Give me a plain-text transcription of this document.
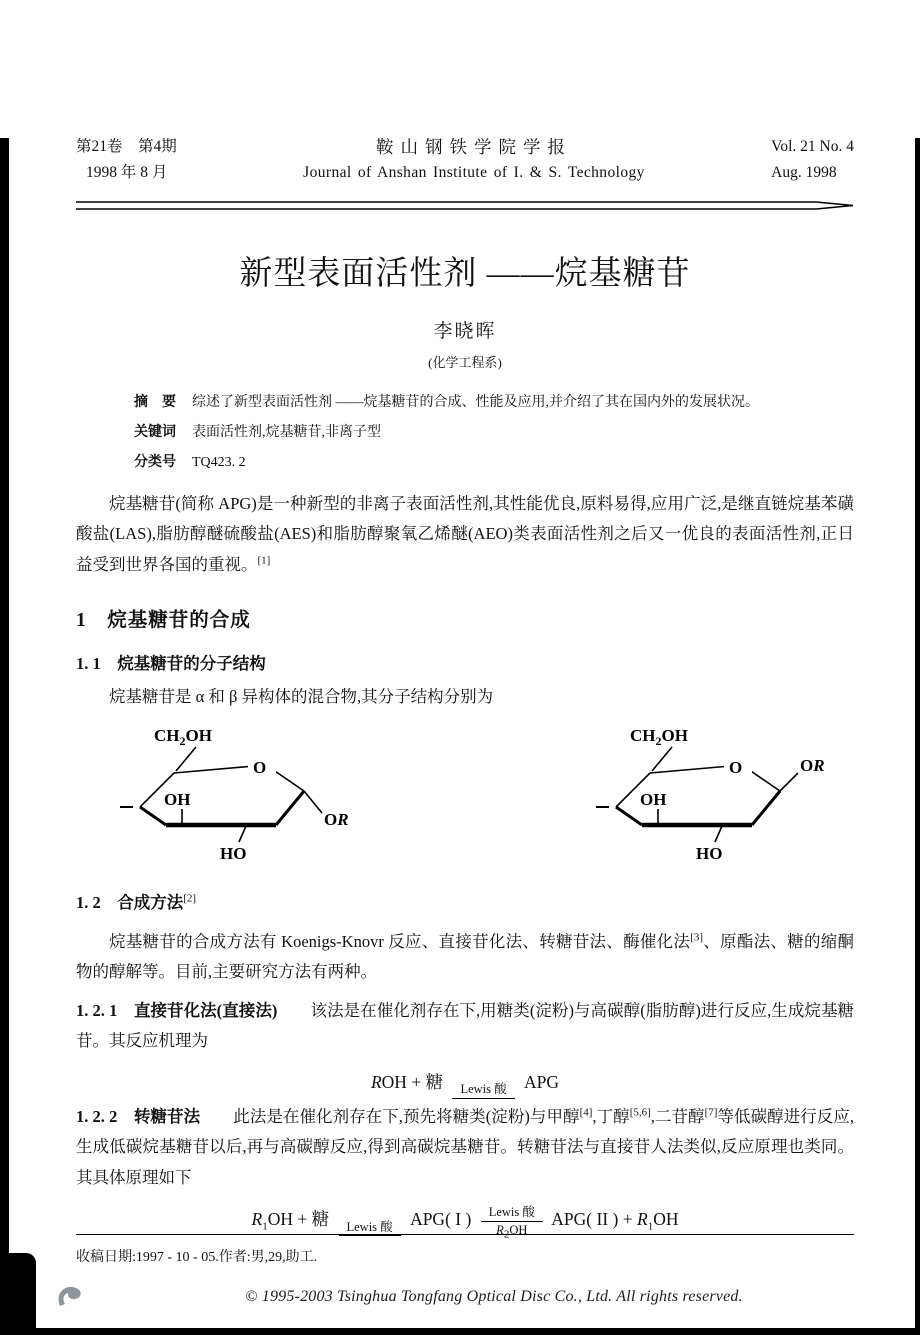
第21卷　第4期
1998 年 8 月
鞍山钢铁学院学报
Journal of Anshan Institute of I. & S. Technology
Vol. 21 No. 4
Aug. 1998
新型表面活性剂 ——烷基糖苷
李晓晖
(化学工程系)
摘　要 综述了新型表面活性剂 ——烷基糖苷的合成、性能及应用,并介绍了其在国内外的发展状况。
关键词 表面活性剂,烷基糖苷,非离子型
分类号 TQ423. 2

烷基糖苷(简称 APG)是一种新型的非离子表面活性剂,其性能优良,原料易得,应用广泛,是继直链烷基苯磺酸盐(LAS),脂肪醇醚硫酸盐(AES)和脂肪醇聚氧乙烯醚(AEO)类表面活性剂之后又一优良的表面活性剂,正日益受到世界各国的重视。[1]

1　烷基糖苷的合成
1. 1　烷基糖苷的分子结构

烷基糖苷是 α 和 β 异构体的混合物,其分子结构分别为

$CH_2OH$
O
OH
HO
OR
$CH_2OH$
O
OH
HO
OR
1. 2　合成方法[2]

烷基糖苷的合成方法有 Koenigs-Knovr 反应、直接苷化法、转糖苷法、酶催化法[3]、原酯法、糖的缩酮物的醇解等。目前,主要研究方法有两种。

1. 2. 1　直接苷化法(直接法)　　该法是在催化剂存在下,用糖类(淀粉)与高碳醇(脂肪醇)进行反应,生成烷基糖苷。其反应机理为

ROH + 糖	Lewis 酸 APG

1. 2. 2　转糖苷法　　此法是在催化剂存在下,预先将糖类(淀粉)与甲醇[4],丁醇[5,6],二苷醇[7]等低碳醇进行反应,生成低碳烷基糖苷以后,再与高碳醇反应,得到高碳烷基糖苷。转糖苷法与直接苷人法类似,反应原理也类同。其具体原理如下

$R_1OH$ + 糖	Lewis 酸 APG( I )	Lewis 酸
$R_2OH$
APG( II ) + $R_1OH$
收稿日期:1997 - 10 - 05.作者:男,29,助工.
© 1995-2003 Tsinghua Tongfang Optical Disc Co., Ltd. All rights reserved.
